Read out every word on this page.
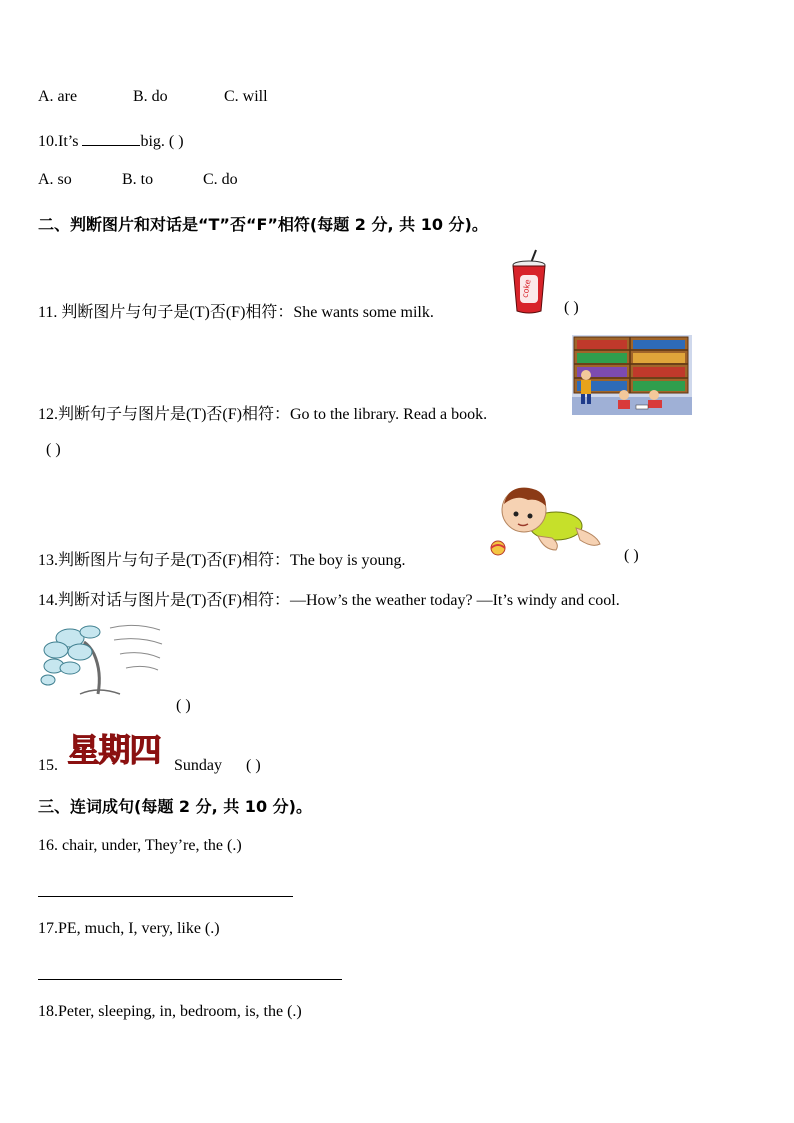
A. are	B. do	C. will
10.It’s	big. ( )
A. so	B. to	C. do
二、判断图片和对话是“T”否“F”相符(每题 2 分, 共 10 分)。
11. 判断图片与句子是(T)否(F)相符：She wants some milk.
coke
( )
12.判断句子与图片是(T)否(F)相符：Go to the library. Read a book.
( )
13.判断图片与句子是(T)否(F)相符：The boy is young.	( )
14.判断对话与图片是(T)否(F)相符：—How’s the weather today? —It’s windy and cool.
( )
15. 星期四 Sunday ( )
三、连词成句(每题 2 分, 共 10 分)。
16. chair, under, They’re, the (.)
17.PE, much, I, very, like (.)
18.Peter, sleeping, in, bedroom, is, the (.)
